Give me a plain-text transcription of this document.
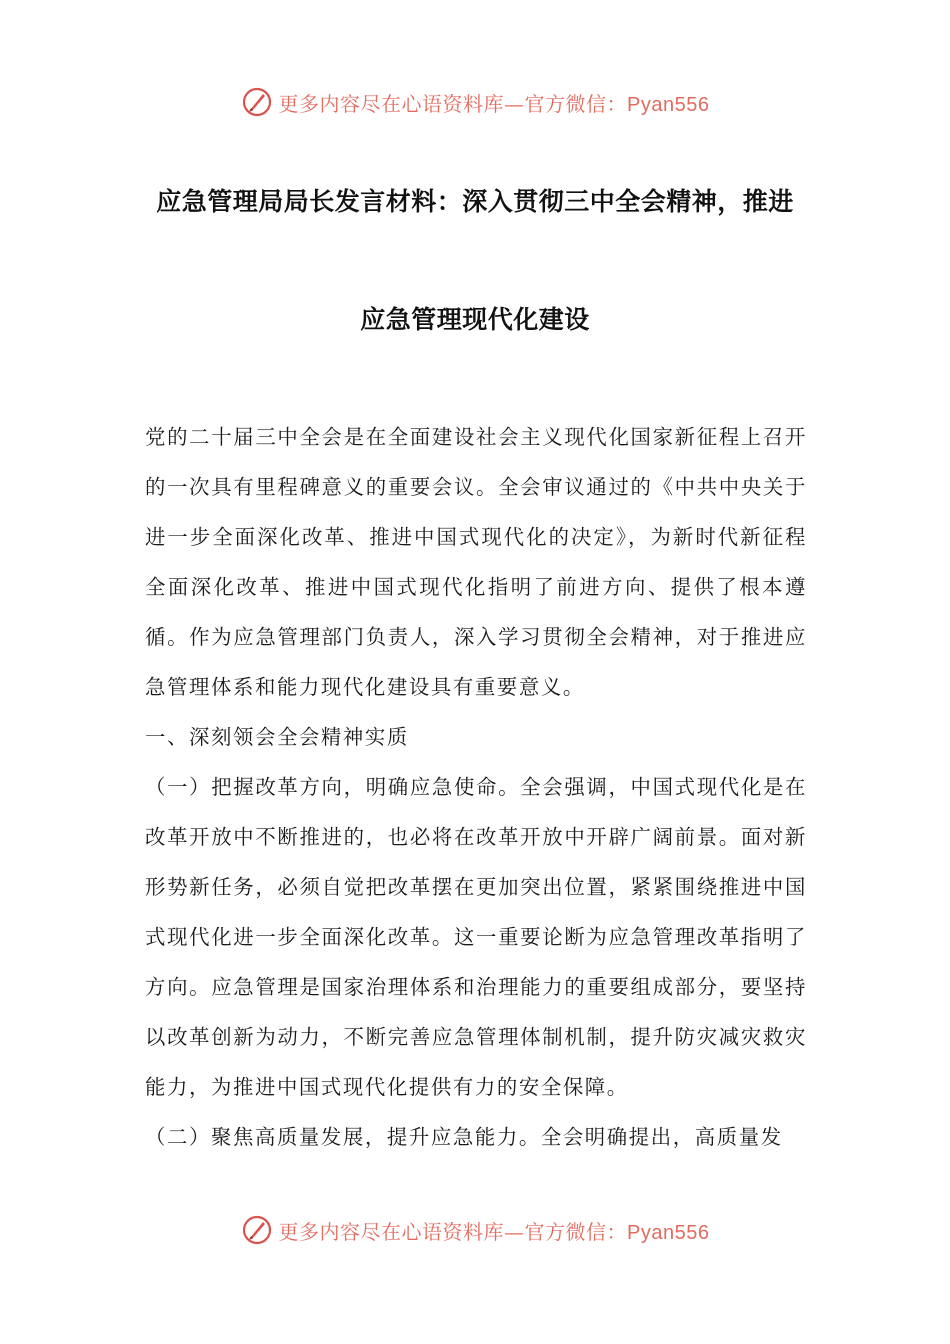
更多内容尽在心语资料库—官方微信：Pyan556
应急管理局局长发言材料：深入贯彻三中全会精神，推进
应急管理现代化建设

党的二十届三中全会是在全面建设社会主义现代化国家新征程上召开的一次具有里程碑意义的重要会议。全会审议通过的《中共中央关于进一步全面深化改革、推进中国式现代化的决定》，为新时代新征程全面深化改革、推进中国式现代化指明了前进方向、提供了根本遵循。作为应急管理部门负责人，深入学习贯彻全会精神，对于推进应急管理体系和能力现代化建设具有重要意义。

一、深刻领会全会精神实质

（一）把握改革方向，明确应急使命。全会强调，中国式现代化是在改革开放中不断推进的，也必将在改革开放中开辟广阔前景。面对新形势新任务，必须自觉把改革摆在更加突出位置，紧紧围绕推进中国式现代化进一步全面深化改革。这一重要论断为应急管理改革指明了方向。应急管理是国家治理体系和治理能力的重要组成部分，要坚持以改革创新为动力，不断完善应急管理体制机制，提升防灾减灾救灾能力，为推进中国式现代化提供有力的安全保障。

（二）聚焦高质量发展，提升应急能力。全会明确提出，高质量发

更多内容尽在心语资料库—官方微信：Pyan556
